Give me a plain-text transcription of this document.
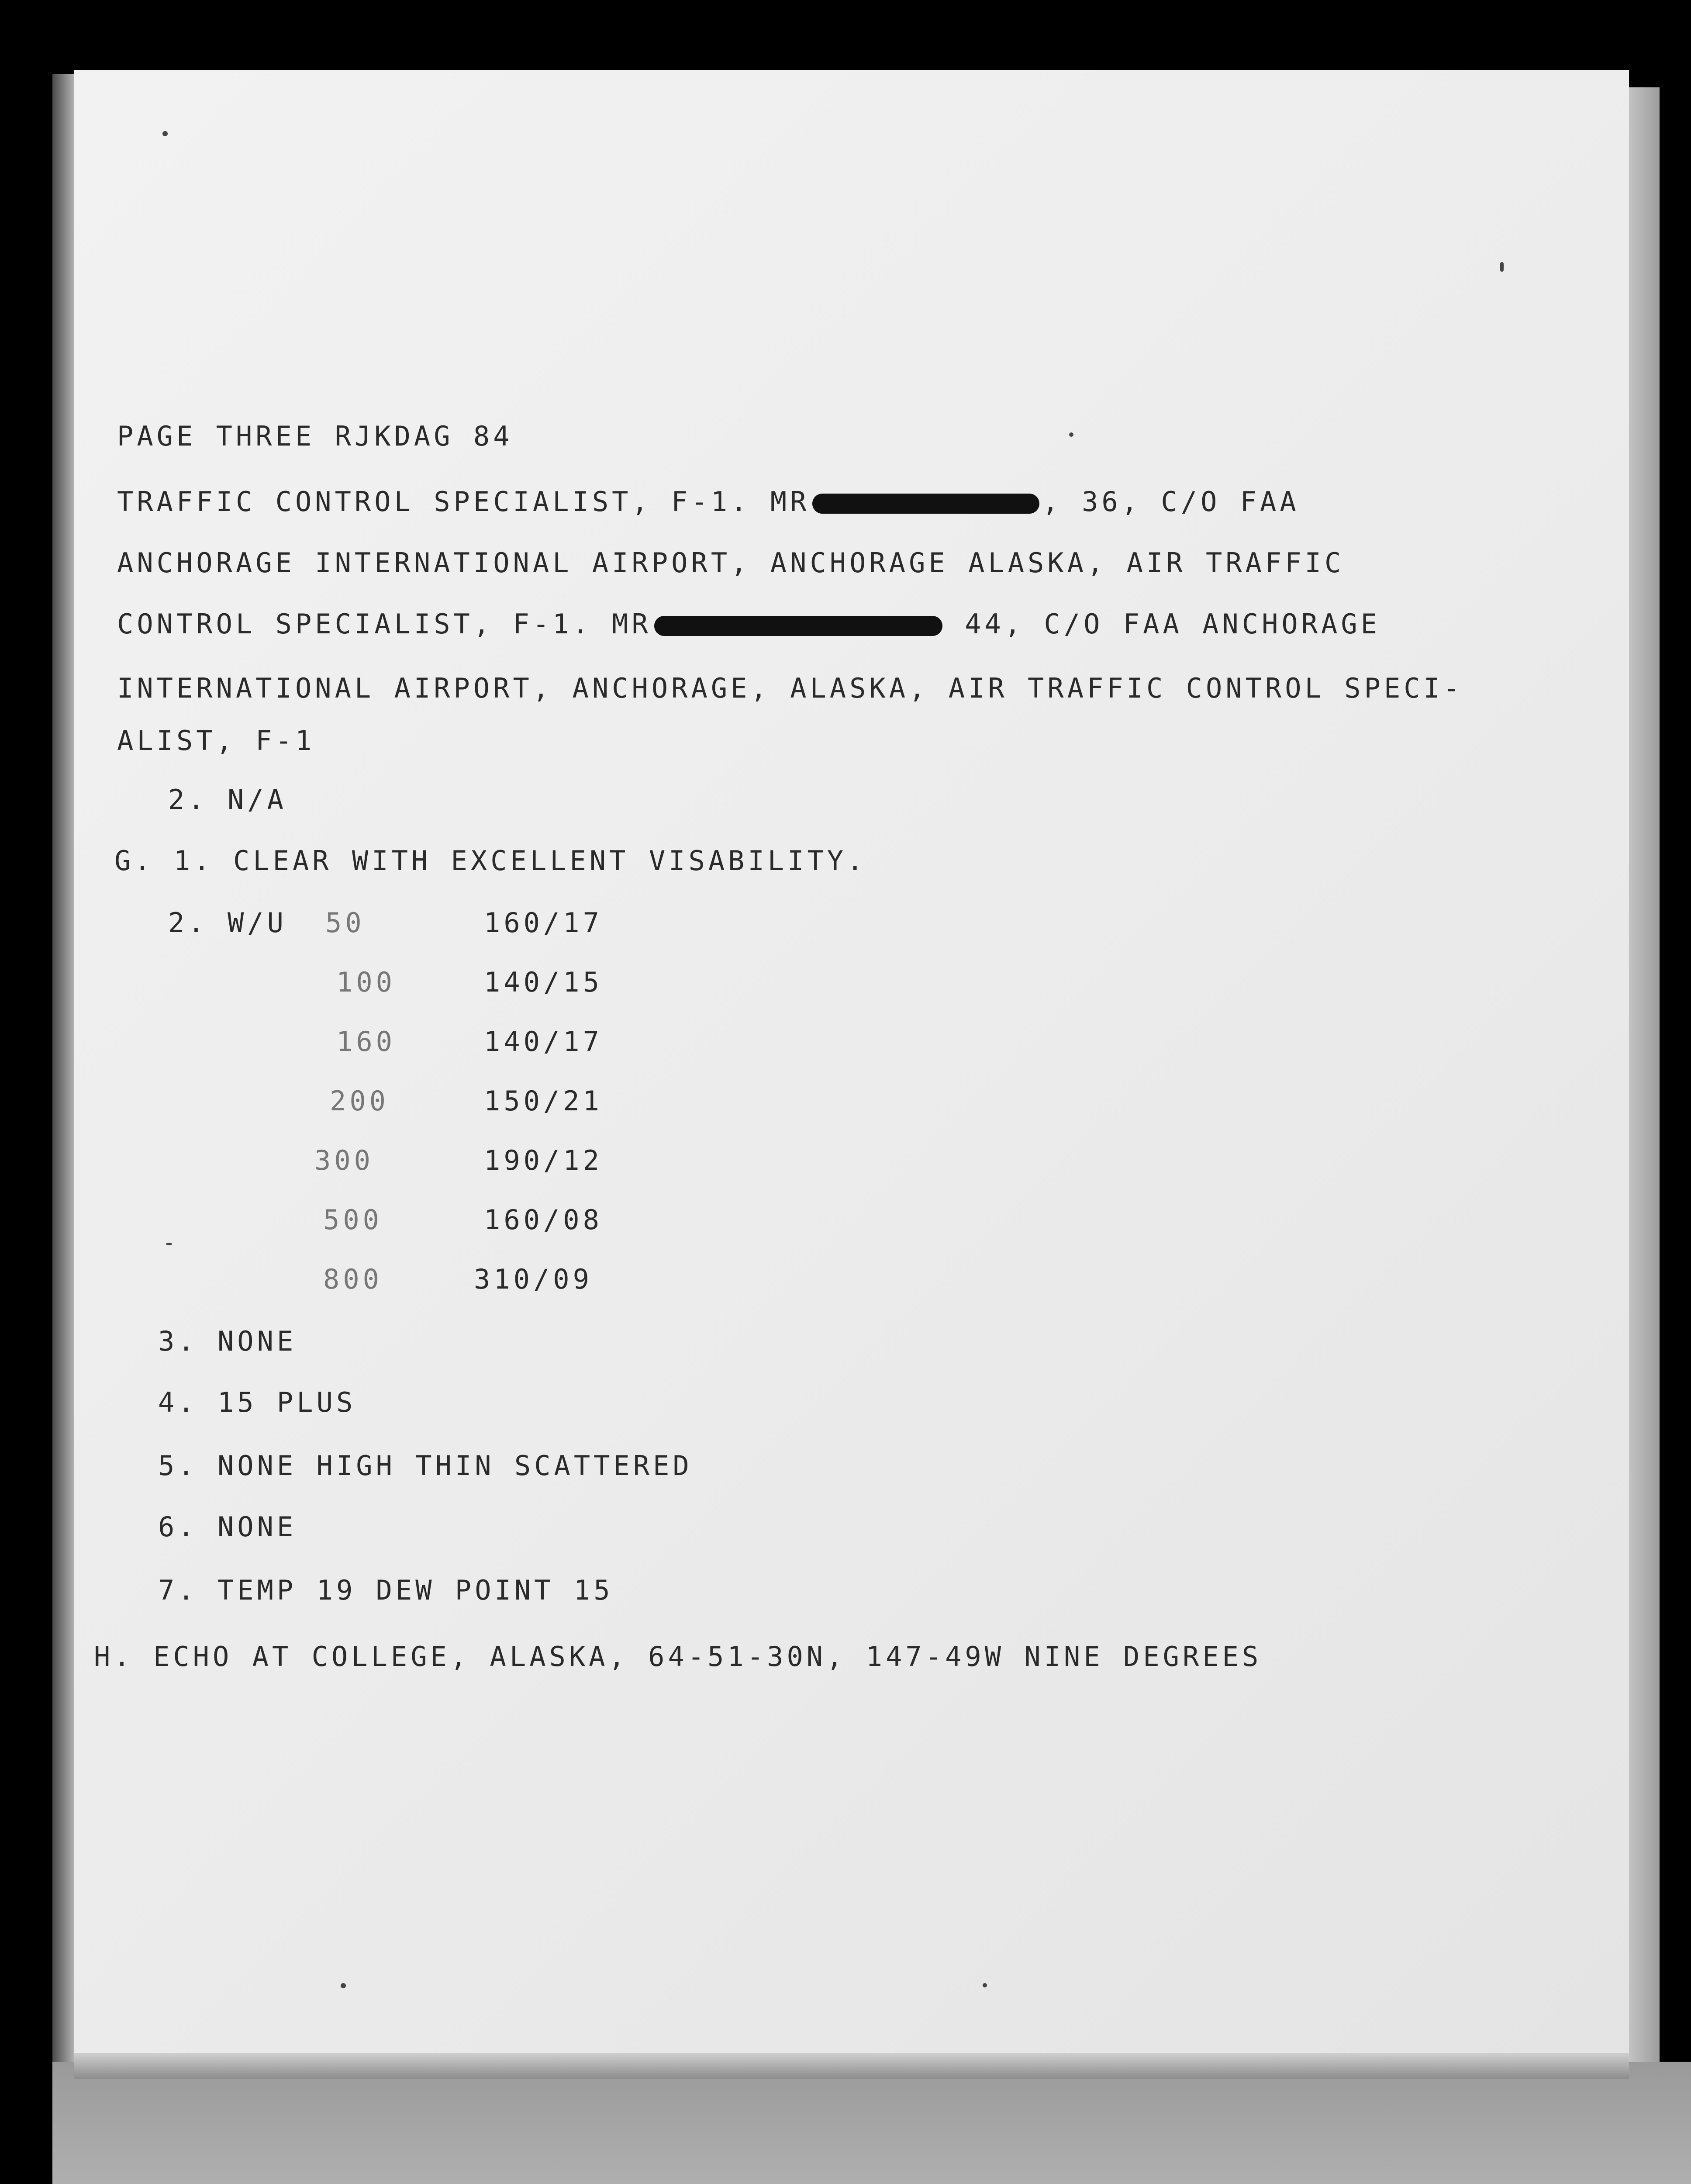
PAGE THREE RJKDAG 84

TRAFFIC CONTROL SPECIALIST, F-1. MR	, 36, C/O FAA

ANCHORAGE INTERNATIONAL AIRPORT, ANCHORAGE ALASKA, AIR TRAFFIC

CONTROL SPECIALIST, F-1. MR	44, C/O FAA ANCHORAGE

INTERNATIONAL AIRPORT, ANCHORAGE, ALASKA, AIR TRAFFIC CONTROL SPECI-

ALIST, F-1

2. N/A

G. 1. CLEAR WITH EXCELLENT VISABILITY.

2. W/U 50	160/17

100	140/15

160	140/17

200	150/21

300	190/12

500	160/08

800	310/09

3. NONE

4. 15 PLUS

5. NONE HIGH THIN SCATTERED

6. NONE

7. TEMP 19 DEW POINT 15

H. ECHO AT COLLEGE, ALASKA, 64-51-30N, 147-49W NINE DEGREES
